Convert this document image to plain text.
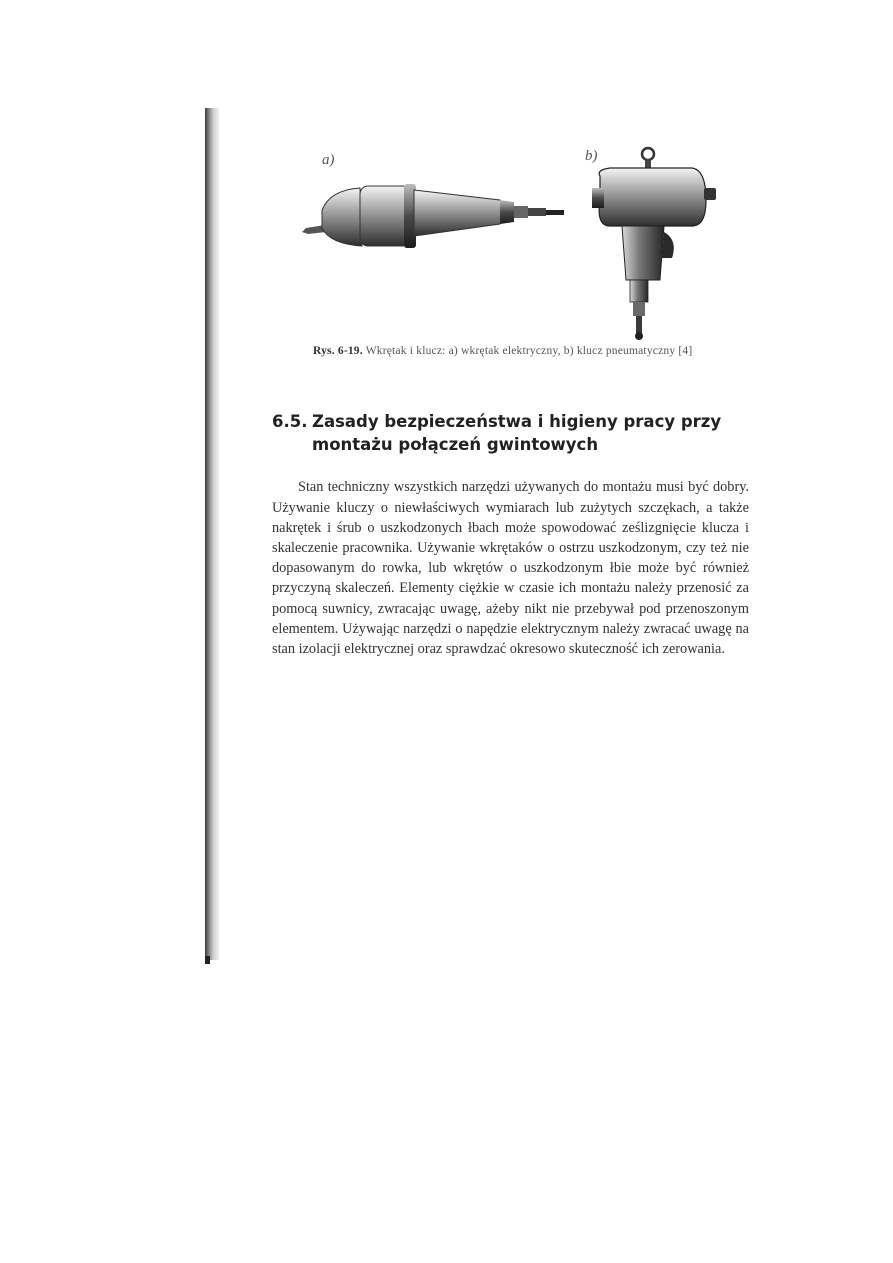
a)	b)
Rys. 6-19. Wkrętak i klucz: a) wkrętak elektryczny, b) klucz pneumatyczny [4]
6.5. Zasady bezpieczeństwa i higieny pracy przy
montażu połączeń gwintowych

Stan techniczny wszystkich narzędzi używanych do montażu musi być dobry. Używanie kluczy o niewłaściwych wymiarach lub zużytych szczękach, a także nakrętek i śrub o uszkodzonych łbach może spowodować ześlizgnięcie klucza i skaleczenie pracownika. Używanie wkrętaków o ostrzu uszkodzonym, czy też nie dopasowanym do rowka, lub wkrętów o uszkodzonym łbie może być również przyczyną skaleczeń. Elementy ciężkie w czasie ich montażu należy przenosić za pomocą suwnicy, zwracając uwagę, ażeby nikt nie przebywał pod przenoszonym elementem. Używając narzędzi o napędzie elektrycznym należy zwracać uwagę na stan izolacji elektrycznej oraz sprawdzać okresowo skuteczność ich zerowania.
